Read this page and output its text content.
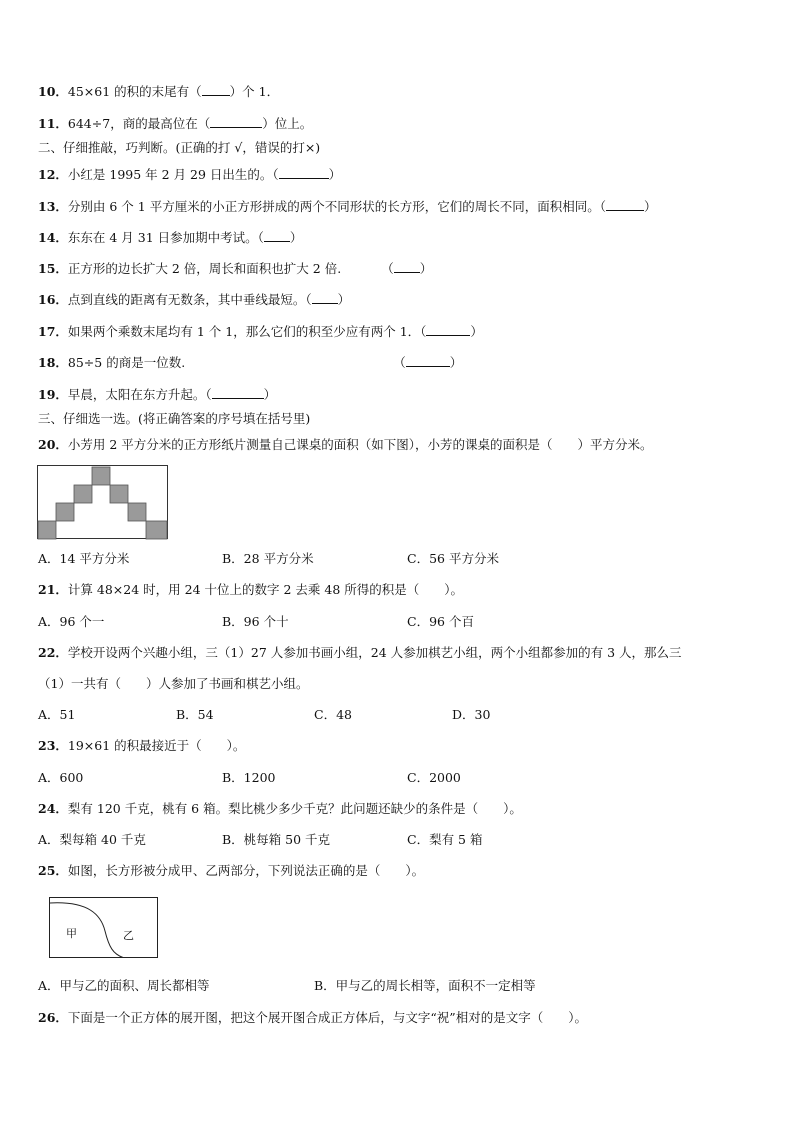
10．45×61 的积的末尾有（ ）个 1．
11．644÷7，商的最高位在（	）位上。
二、仔细推敲，巧判断。(正确的打 √，错误的打×)
12．小红是 1995 年 2 月 29 日出生的。（	）
13．分别由 6 个 1 平方厘米的小正方形拼成的两个不同形状的长方形，它们的周长不同，面积相同。（	）
14．东东在 4 月 31 日参加期中考试。（ ）
15．正方形的边长扩大 2 倍，周长和面积也扩大 2 倍.	（ ）
16．点到直线的距离有无数条，其中垂线最短。（ ）
17．如果两个乘数末尾均有 1 个 1，那么它们的积至少应有两个 1．（	）
18．85÷5 的商是一位数.	（	）
19．早晨，太阳在东方升起。（	）
三、仔细选一选。(将正确答案的序号填在括号里)
20．小芳用 2 平方分米的正方形纸片测量自己课桌的面积（如下图），小芳的课桌的面积是（　　）平方分米。
A．14 平方分米	B．28 平方分米	C．56 平方分米
21．计算 48×24 时，用 24 十位上的数字 2 去乘 48 所得的积是（　　）。
A．96 个一	B．96 个十	C．96 个百
22．学校开设两个兴趣小组，三（1）27 人参加书画小组，24 人参加棋艺小组，两个小组都参加的有 3 人，那么三
（1）一共有（　　）人参加了书画和棋艺小组。
A．51	B．54	C．48	D．30
23．19×61 的积最接近于（　　）。
A．600	B．1200	C．2000
24．梨有 120 千克，桃有 6 箱。梨比桃少多少千克？此问题还缺少的条件是（　　）。
A．梨每箱 40 千克	B．桃每箱 50 千克	C．梨有 5 箱
25．如图，长方形被分成甲、乙两部分，下列说法正确的是（　　）。
甲	乙
A．甲与乙的面积、周长都相等	B．甲与乙的周长相等，面积不一定相等
26．下面是一个正方体的展开图，把这个展开图合成正方体后，与文字“祝”相对的是文字（　　）。
